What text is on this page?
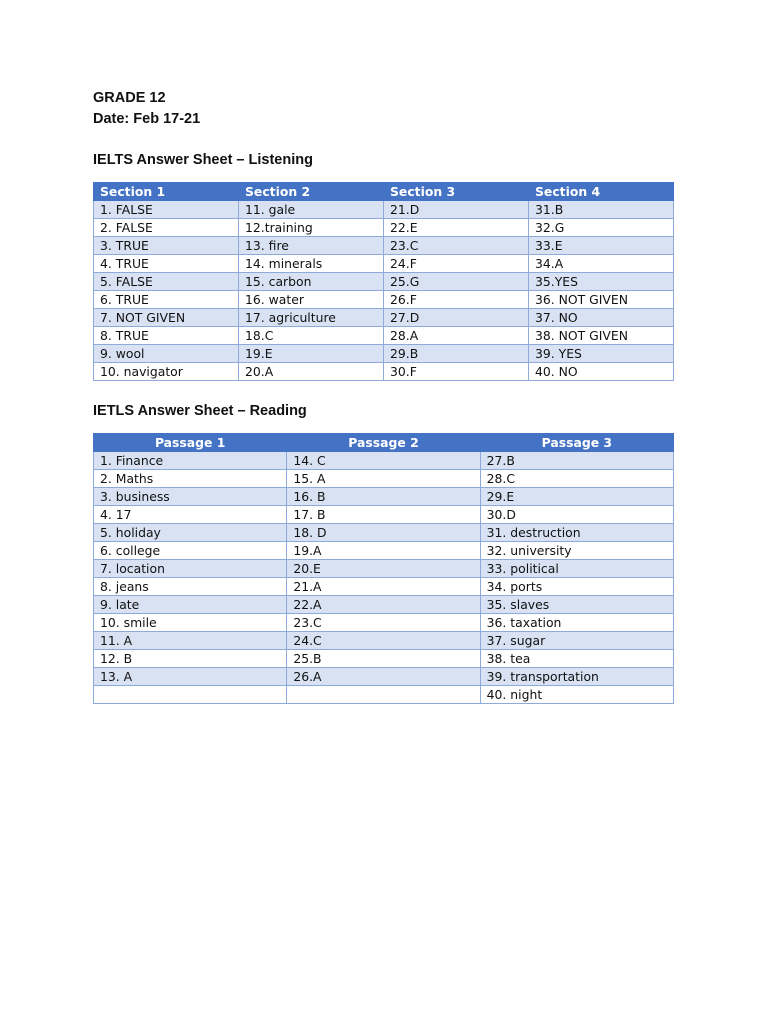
GRADE 12
Date: Feb 17-21
IELTS Answer Sheet – Listening
Section 1	Section 2	Section 3	Section 4
1. FALSE	11. gale	21.D	31.B
2. FALSE	12.training	22.E	32.G
3. TRUE	13. fire	23.C	33.E
4. TRUE	14. minerals	24.F	34.A
5. FALSE	15. carbon	25.G	35.YES
6. TRUE	16. water	26.F	36. NOT GIVEN
7. NOT GIVEN	17. agriculture	27.D	37. NO
8. TRUE	18.C	28.A	38. NOT GIVEN
9. wool	19.E	29.B	39. YES
10. navigator	20.A	30.F	40. NO
IETLS Answer Sheet – Reading
Passage 1	Passage 2	Passage 3
1. Finance	14. C	27.B
2. Maths	15. A	28.C
3. business	16. B	29.E
4. 17	17. B	30.D
5. holiday	18. D	31. destruction
6. college	19.A	32. university
7. location	20.E	33. political
8. jeans	21.A	34. ports
9. late	22.A	35. slaves
10. smile	23.C	36. taxation
11. A	24.C	37. sugar
12. B	25.B	38. tea
13. A	26.A	39. transportation
		40. night
